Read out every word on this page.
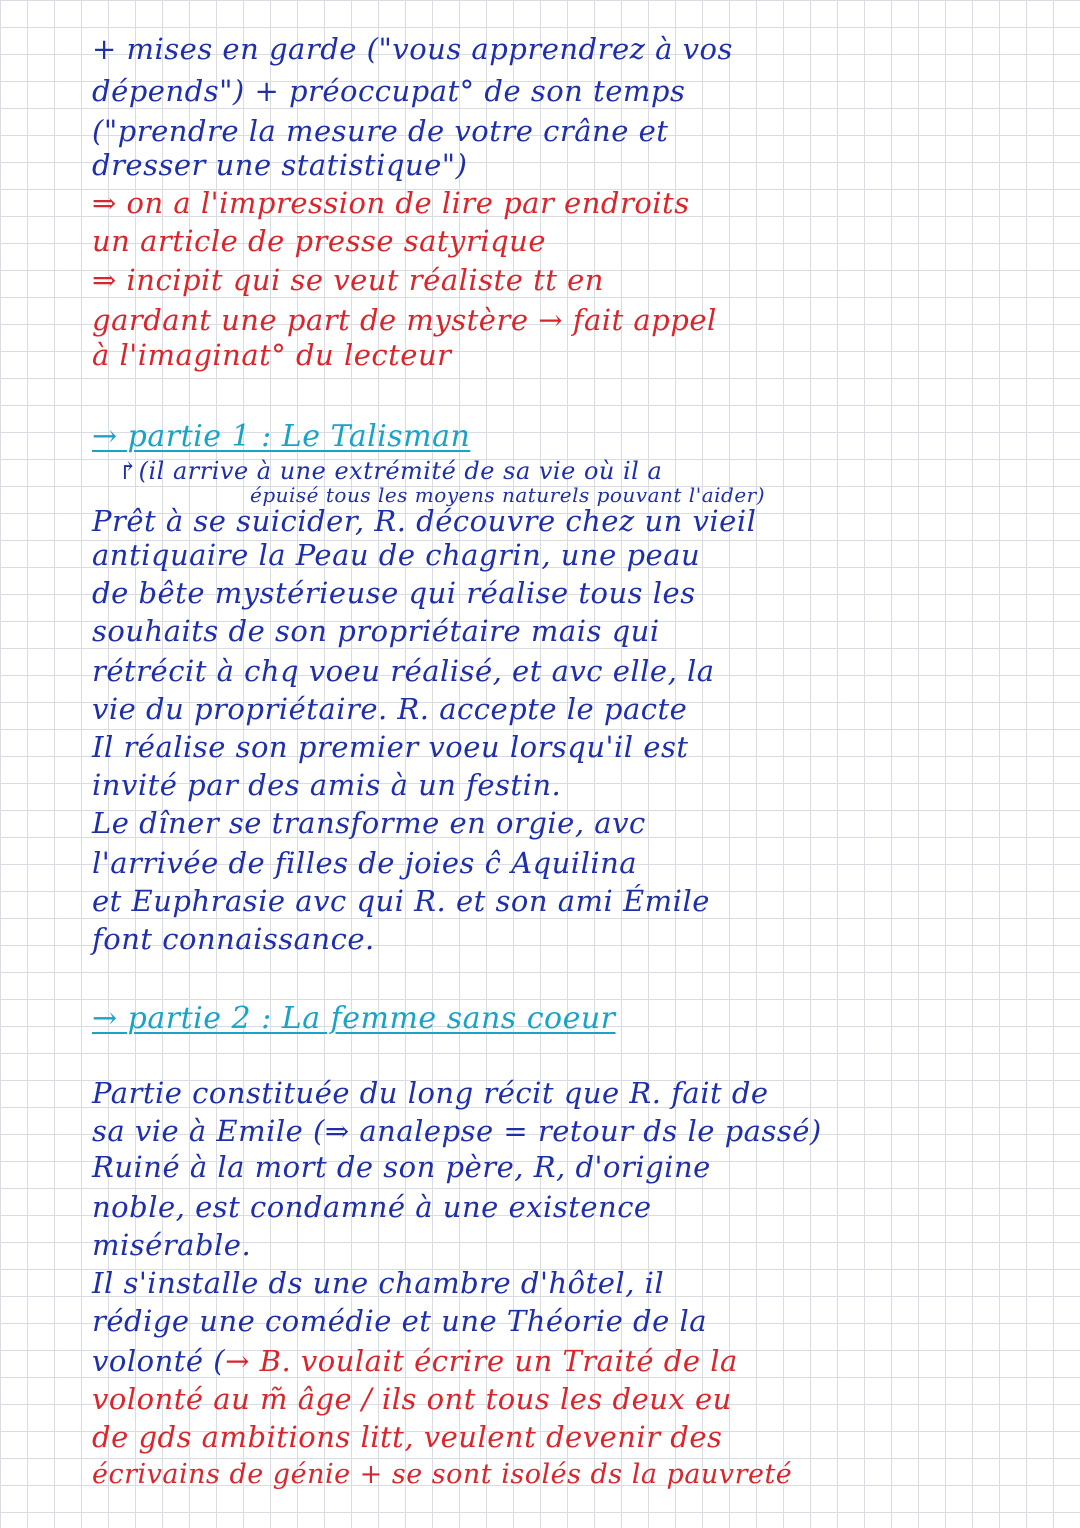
+ mises en garde ("vous apprendrez à vos
dépends") + préoccupat° de son temps
("prendre la mesure de votre crâne et
dresser une statistique")
⇒ on a l'impression de lire par endroits
un article de presse satyrique
⇒ incipit qui se veut réaliste tt en
gardant une part de mystère → fait appel
à l'imaginat° du lecteur
→ partie 1 : Le Talisman
↱(il arrive à une extrémité de sa vie où il a
épuisé tous les moyens naturels pouvant l'aider)
Prêt à se suicider, R. découvre chez un vieil
antiquaire la Peau de chagrin, une peau
de bête mystérieuse qui réalise tous les
souhaits de son propriétaire mais qui
rétrécit à chq voeu réalisé, et avc elle, la
vie du propriétaire. R. accepte le pacte
Il réalise son premier voeu lorsqu'il est
invité par des amis à un festin.
Le dîner se transforme en orgie, avc
l'arrivée de filles de joies ĉ Aquilina
et Euphrasie avc qui R. et son ami Émile
font connaissance.
→ partie 2 : La femme sans coeur
Partie constituée du long récit que R. fait de
sa vie à Emile (⇒ analepse = retour ds le passé)
Ruiné à la mort de son père, R, d'origine
noble, est condamné à une existence
misérable.
Il s'installe ds une chambre d'hôtel, il
rédige une comédie et une Théorie de la
volonté (→ B. voulait écrire un Traité de la
volonté au m̃ âge / ils ont tous les deux eu
de gds ambitions litt, veulent devenir des
écrivains de génie + se sont isolés ds la pauvreté
